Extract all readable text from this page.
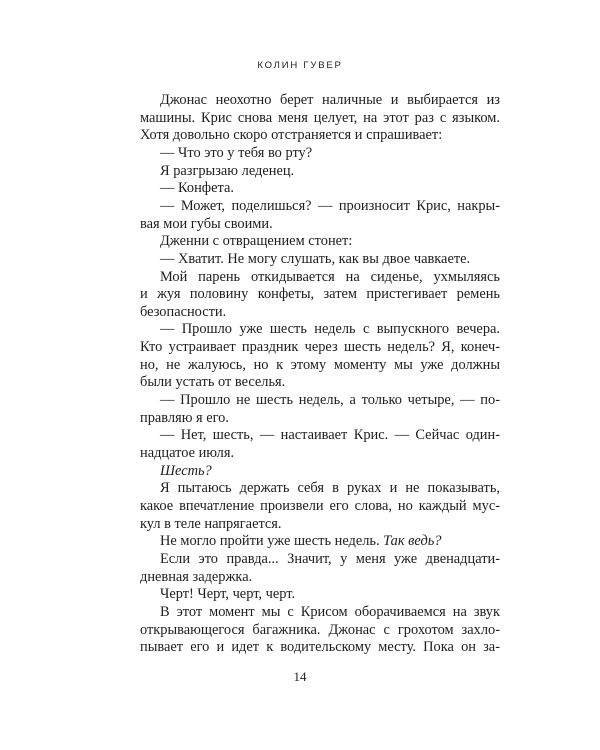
КОЛИН ГУВЕР
Джонас неохотно берет наличные и выбирается из
машины. Крис снова меня целует, на этот раз с языком.
Хотя довольно скоро отстраняется и спрашивает:
— Что это у тебя во рту?
Я разгрызаю леденец.
— Конфета.
— Может, поделишься? — произносит Крис, накры-
вая мои губы своими.
Дженни с отвращением стонет:
— Хватит. Не могу слушать, как вы двое чавкаете.
Мой парень откидывается на сиденье, ухмыляясь
и жуя половину конфеты, затем пристегивает ремень
безопасности.
— Прошло уже шесть недель с выпускного вечера.
Кто устраивает праздник через шесть недель? Я, конеч-
но, не жалуюсь, но к этому моменту мы уже должны
были устать от веселья.
— Прошло не шесть недель, а только четыре, — по-
правляю я его.
— Нет, шесть, — настаивает Крис. — Сейчас один-
надцатое июля.
Шесть?
Я пытаюсь держать себя в руках и не показывать,
какое впечатление произвели его слова, но каждый мус-
кул в теле напрягается.
Не могло пройти уже шесть недель. Так ведь?
Если это правда... Значит, у меня уже двенадцати-
дневная задержка.
Черт! Черт, черт, черт.
В этот момент мы с Крисом оборачиваемся на звук
открывающегося багажника. Джонас с грохотом захло-
пывает его и идет к водительскому месту. Пока он за-
14
